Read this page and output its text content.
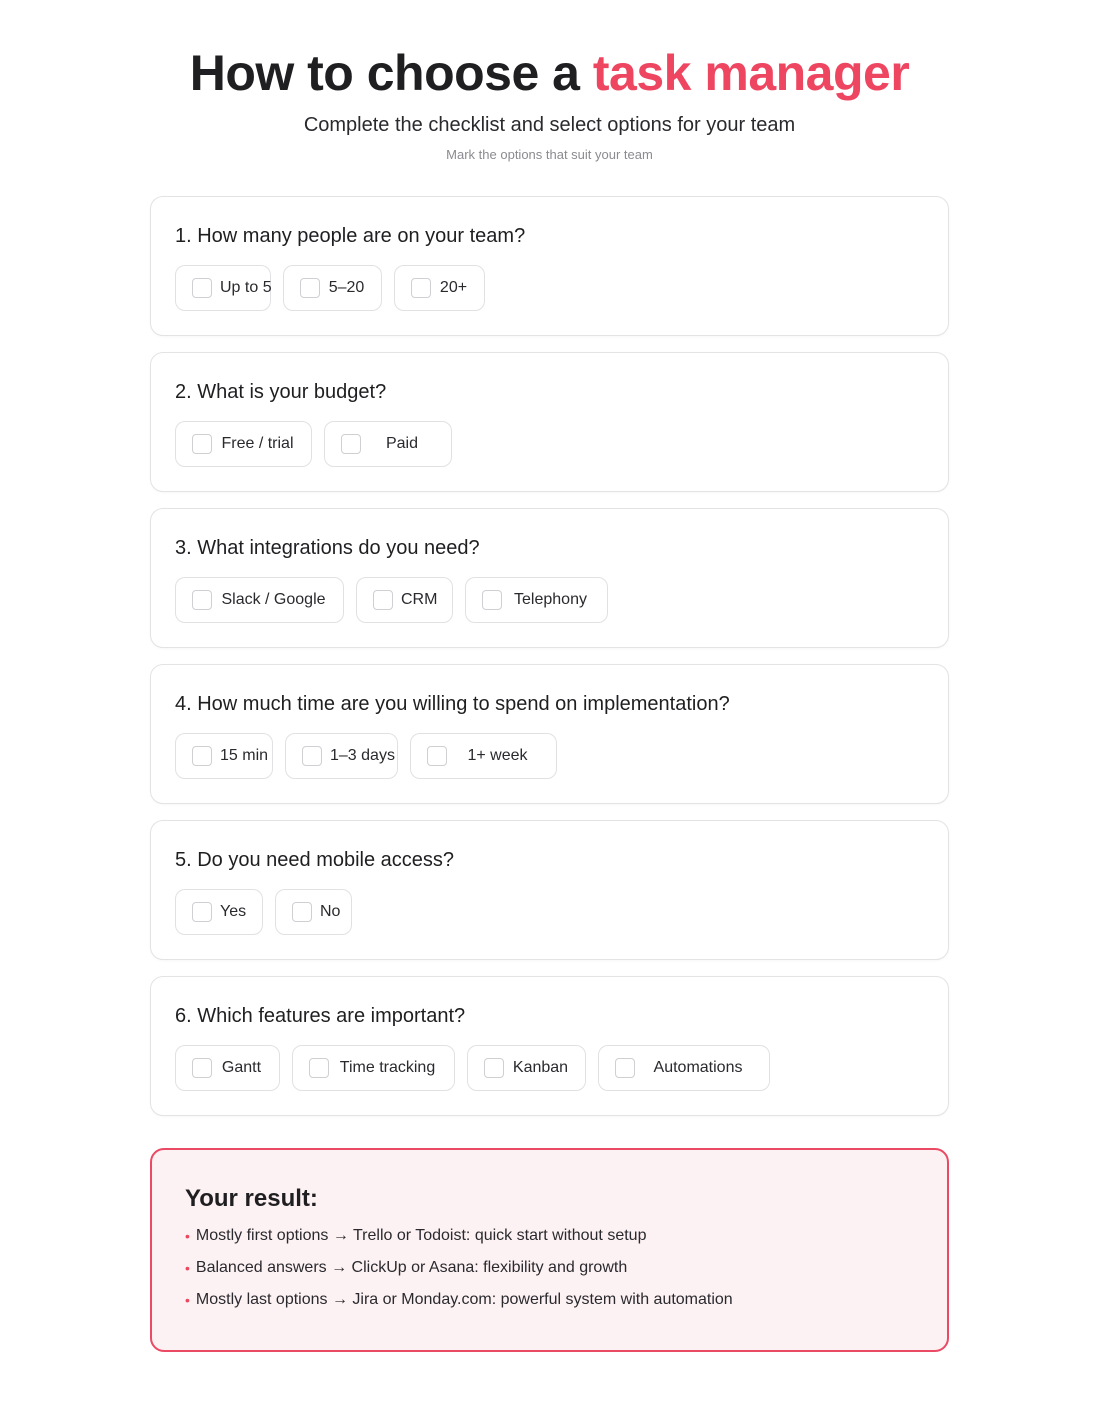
How to choose a task manager
Complete the checklist and select options for your team
Mark the options that suit your team
1. How many people are on your team?
Up to 5	5–20	20+
2. What is your budget?
Free / trial	Paid
3. What integrations do you need?
Slack / Google	CRM	Telephony
4. How much time are you willing to spend on implementation?
15 min	1–3 days	1+ week
5. Do you need mobile access?
Yes	No
6. Which features are important?
Gantt	Time tracking	Kanban	Automations
Your result:
• Mostly first options → Trello or Todoist: quick start without setup
• Balanced answers → ClickUp or Asana: flexibility and growth
• Mostly last options → Jira or Monday.com: powerful system with automation
